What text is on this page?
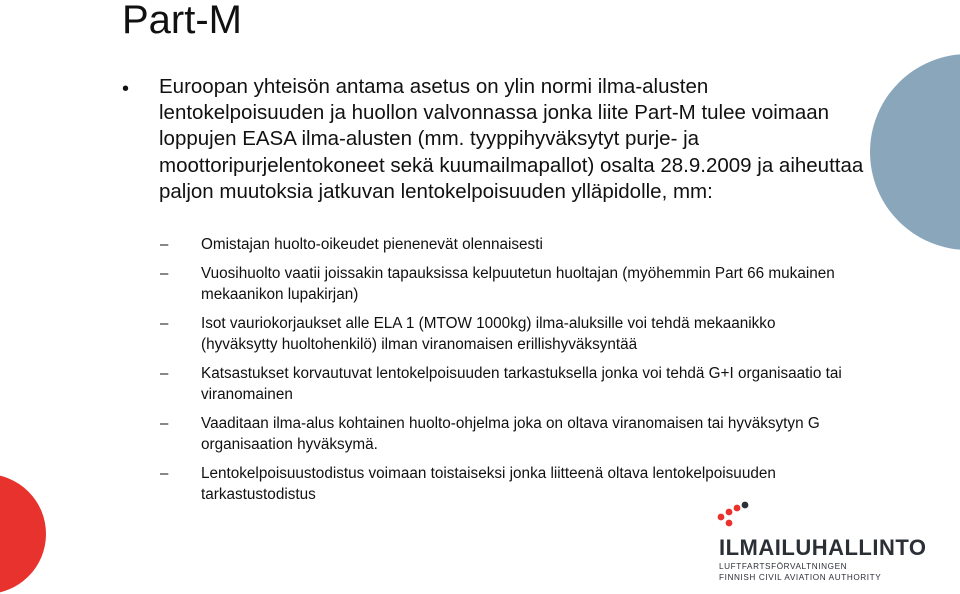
Part-M
• Euroopan yhteisön antama asetus on ylin normi ilma-alusten lentokelpoisuuden ja huollon valvonnassa jonka liite Part-M tulee voimaan loppujen EASA ilma-alusten (mm. tyyppihyväksytyt purje- ja moottoripurjelentokoneet sekä kuumailmapallot) osalta 28.9.2009 ja aiheuttaa paljon muutoksia jatkuvan lentokelpoisuuden ylläpidolle, mm:
– Omistajan huolto-oikeudet pienenevät olennaisesti
– Vuosihuolto vaatii joissakin tapauksissa kelpuutetun huoltajan (myöhemmin Part 66 mukainen mekaanikon lupakirjan)
– Isot vauriokorjaukset alle ELA 1 (MTOW 1000kg) ilma-aluksille voi tehdä mekaanikko (hyväksytty huoltohenkilö) ilman viranomaisen erillishyväksyntää
– Katsastukset korvautuvat lentokelpoisuuden tarkastuksella jonka voi tehdä G+I organisaatio tai viranomainen
– Vaaditaan ilma-alus kohtainen huolto-ohjelma joka on oltava viranomaisen tai hyväksytyn G organisaation hyväksymä.
– Lentokelpoisuustodistus voimaan toistaiseksi jonka liitteenä oltava lentokelpoisuuden tarkastustodistus
ILMAILUHALLINTO
LUFTFARTSFÖRVALTNINGEN
FINNISH CIVIL AVIATION AUTHORITY
